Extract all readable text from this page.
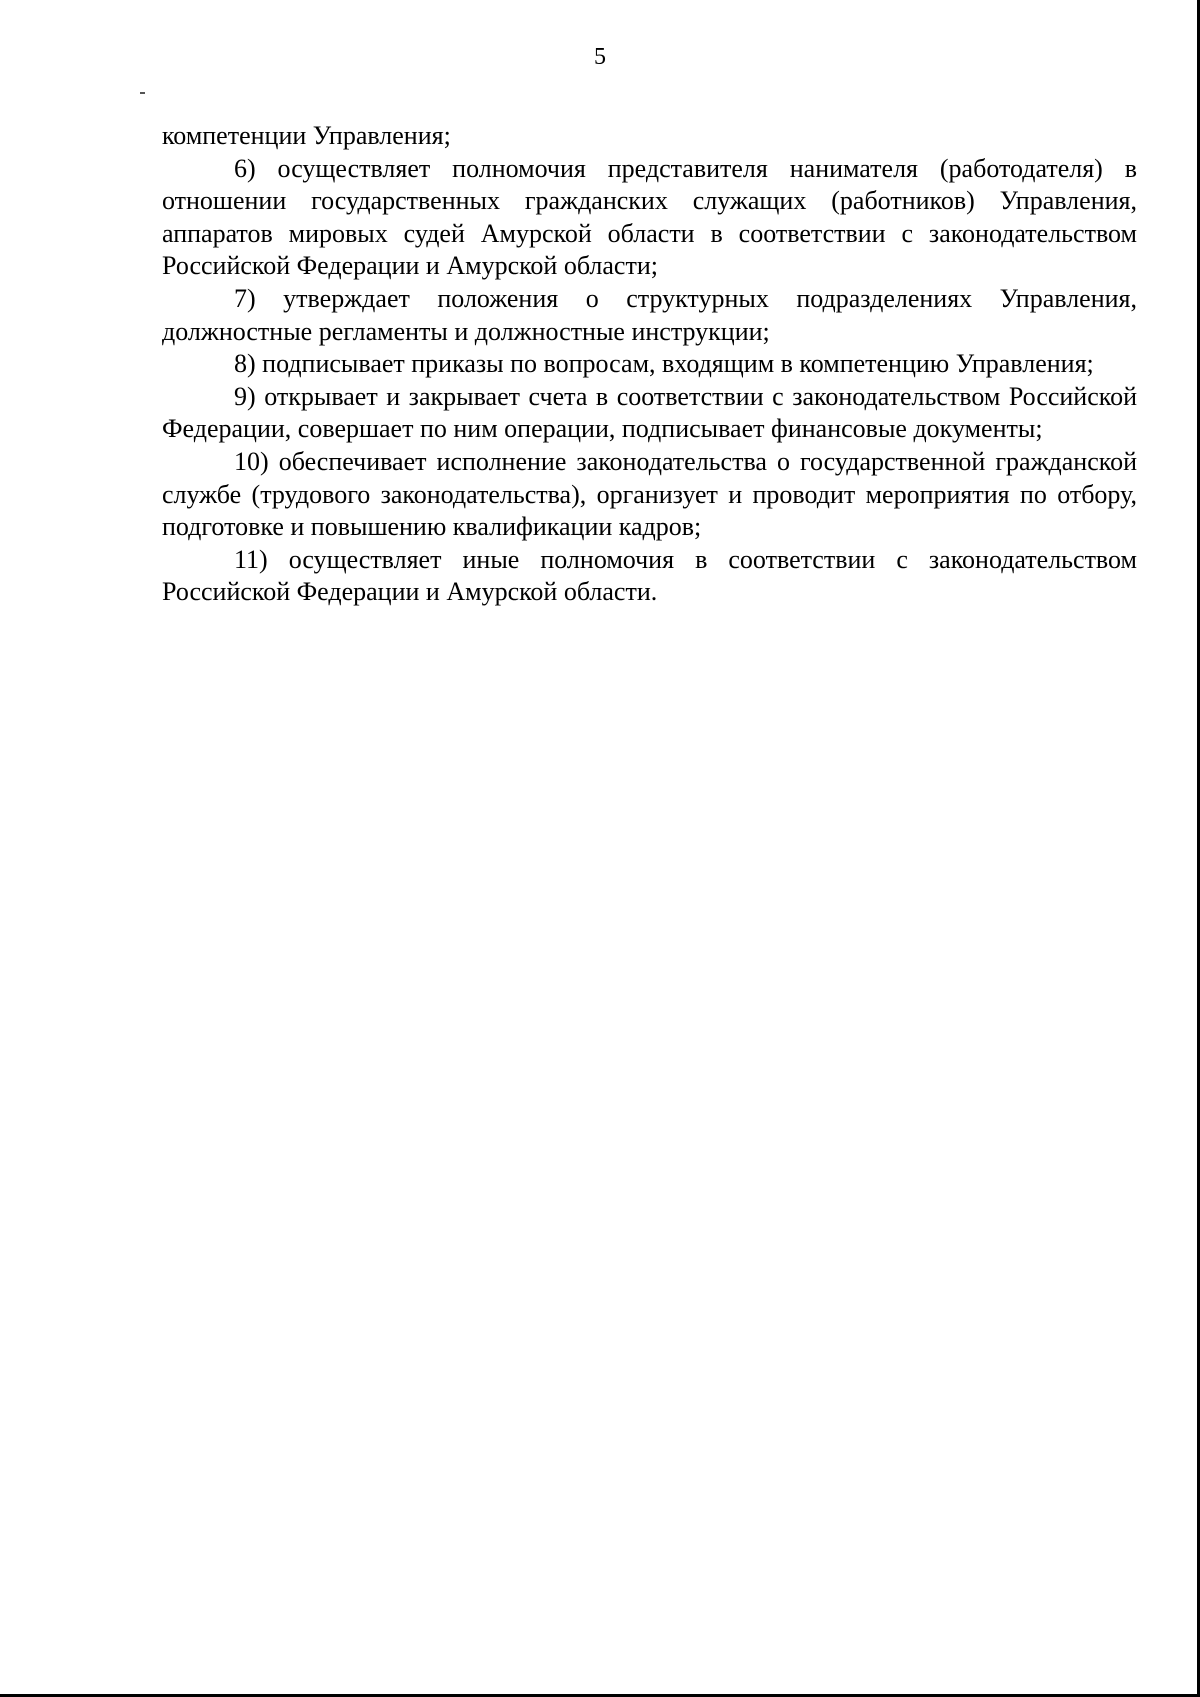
5

компетенции Управления;

6) осуществляет полномочия представителя нанимателя (работодателя) в отношении государственных гражданских служащих (работников) Управления, аппаратов мировых судей Амурской области в соответствии с законодательством Российской Федерации и Амурской области;

7) утверждает положения о структурных подразделениях Управления, должностные регламенты и должностные инструкции;

8) подписывает приказы по вопросам, входящим в компетенцию Управления;

9) открывает и закрывает счета в соответствии с законодательством Российской Федерации, совершает по ним операции, подписывает финансовые документы;

10) обеспечивает исполнение законодательства о государственной гражданской службе (трудового законодательства), организует и проводит мероприятия по отбору, подготовке и повышению квалификации кадров;

11) осуществляет иные полномочия в соответствии с законодательством Российской Федерации и Амурской области.
